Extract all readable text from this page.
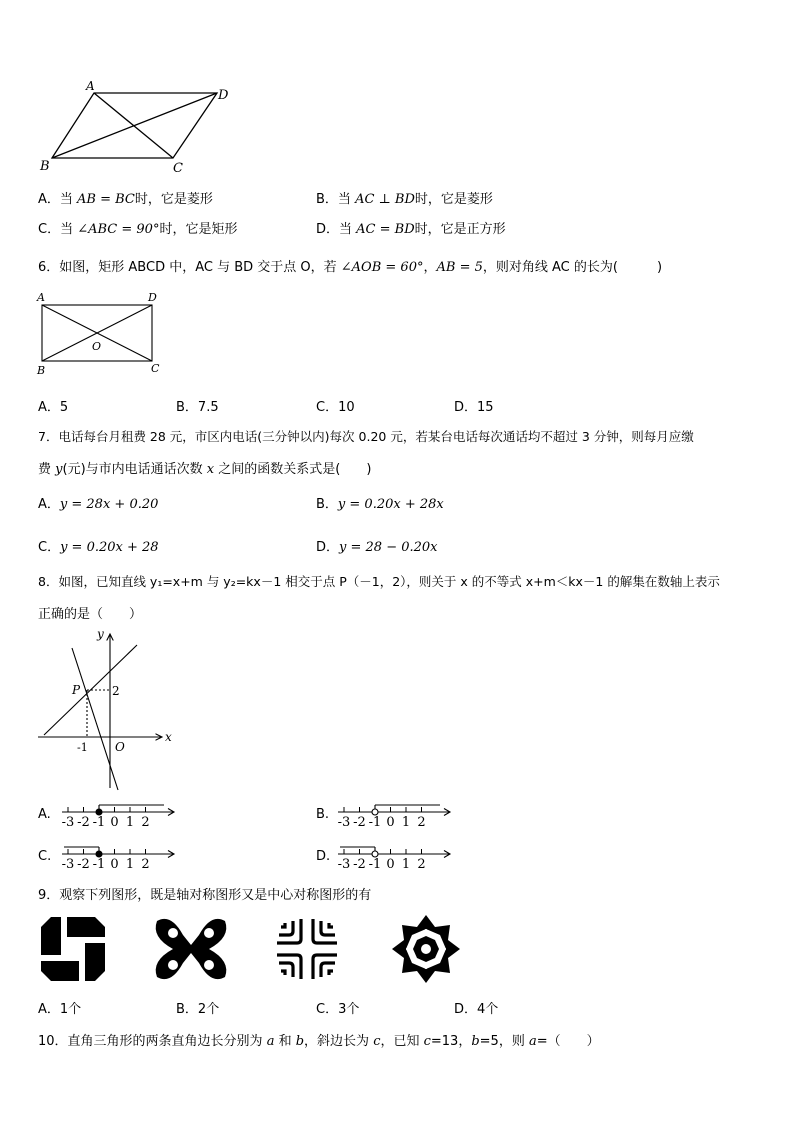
A
D
B	C
A．当 AB = BC时，它是菱形	B．当 AC ⊥ BD时，它是菱形
C．当 ∠ABC = 90°时，它是矩形	D．当 AC = BD时，它是正方形
6．如图，矩形 ABCD 中，AC 与 BD 交于点 O，若 ∠AOB = 60°，AB = 5，则对角线 AC 的长为(　　　)
A	D
B	C
O
A．5	B．7.5	C．10	D．15
7．电话每台月租费 28 元，市区内电话(三分钟以内)每次 0.20 元，若某台电话每次通话均不超过 3 分钟，则每月应缴
费 y(元)与市内电话通话次数 x 之间的函数关系式是(　　)
A．y = 28x + 0.20	B．y = 0.20x + 28x
C．y = 0.20x + 28	D．y = 28 − 0.20x
8．如图，已知直线 y₁=x+m 与 y₂=kx－1 相交于点 P（－1，2），则关于 x 的不等式 x+m＜kx－1 的解集在数轴上表示
正确的是（　　）
y
x
P	2
-1 O
A.	B.
C.	D.
-3 -2 -1 0 1 2	-3 -2 -1 0 1 2
-3 -2 -1 0 1 2	-3 -2 -1 0 1 2
9．观察下列图形，既是轴对称图形又是中心对称图形的有
A．1个	B．2个	C．3个	D．4个
10．直角三角形的两条直角边长分别为 a 和 b，斜边长为 c，已知 c=13，b=5，则 a=（　　）
